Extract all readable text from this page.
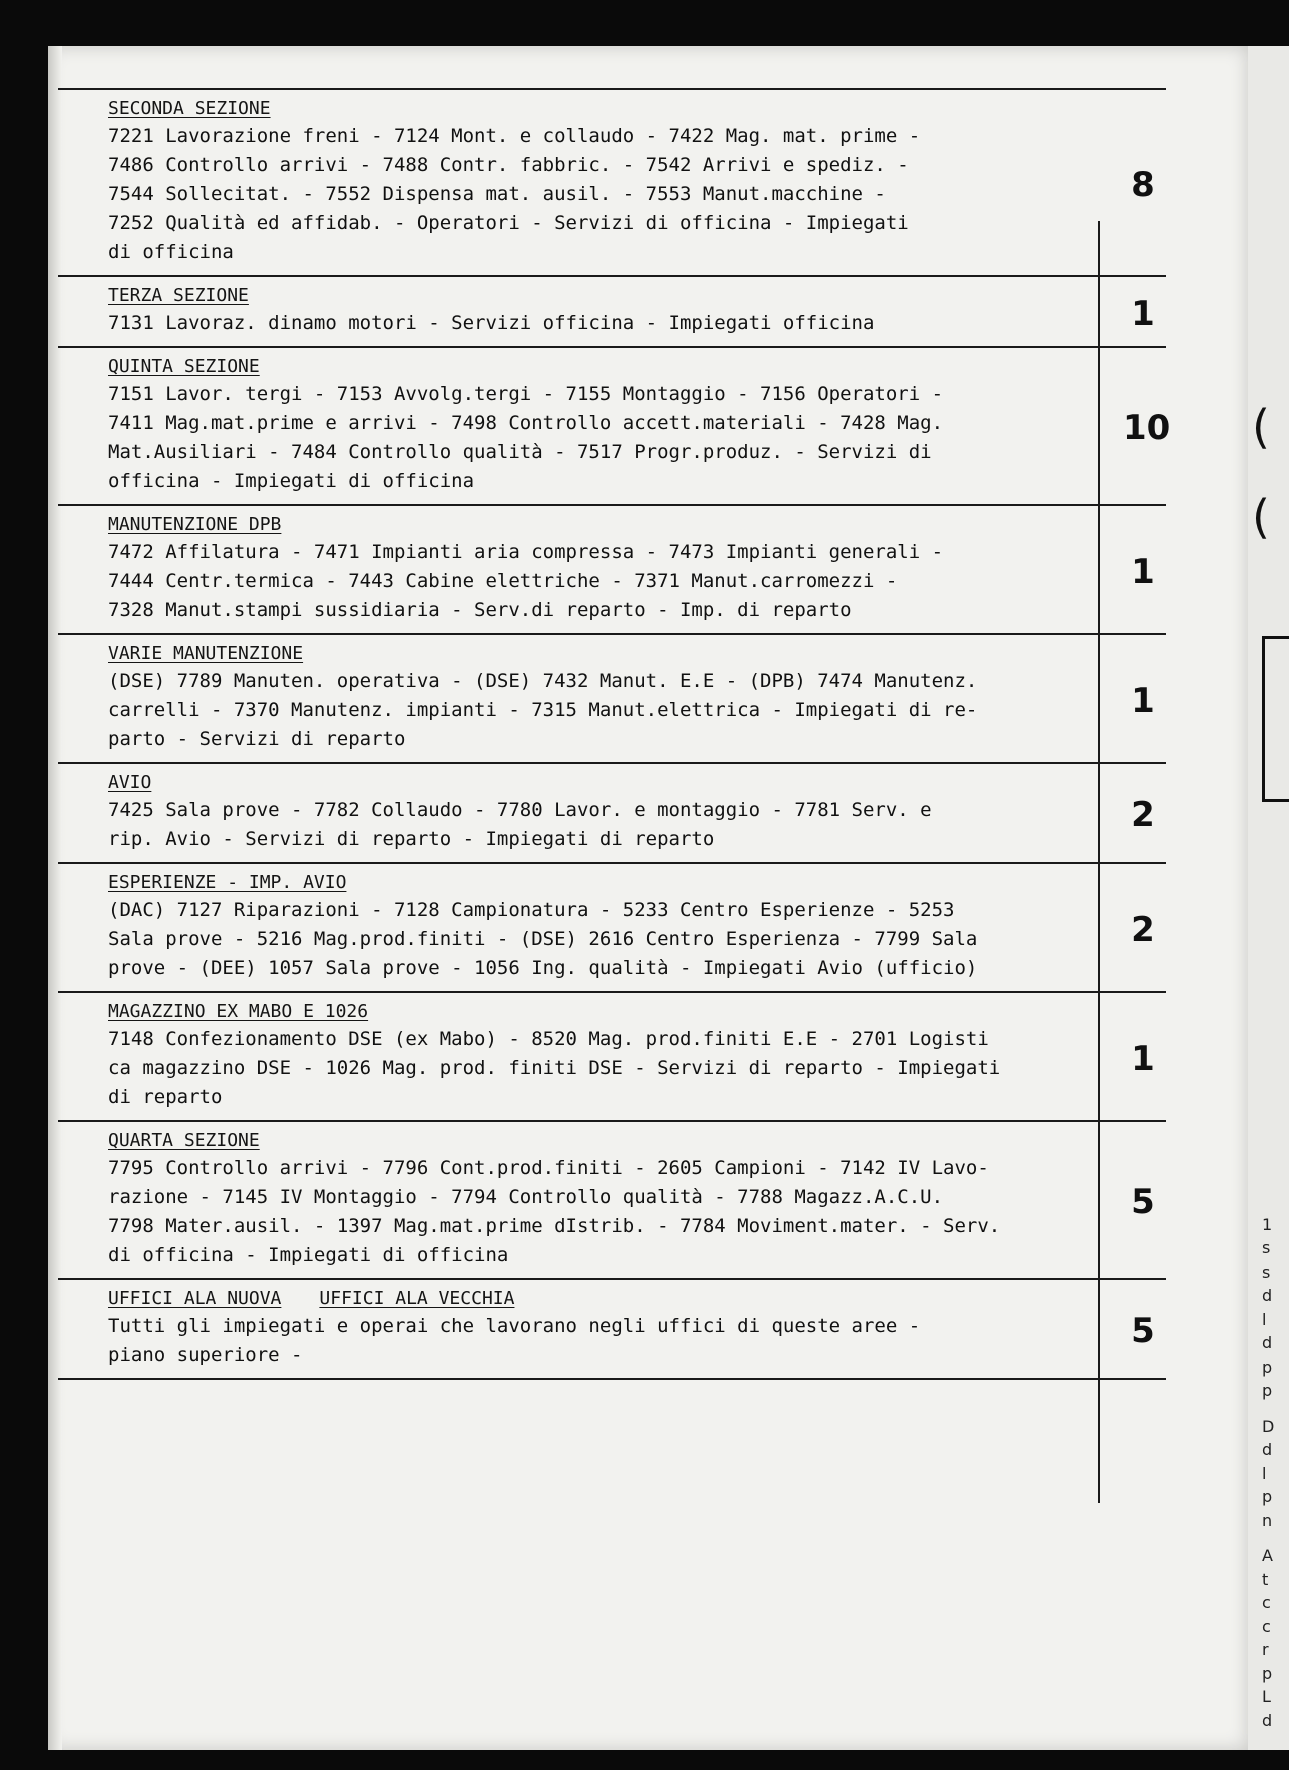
(
(
SECONDA SEZIONE
7221 Lavorazione freni - 7124 Mont. e collaudo - 7422 Mag. mat. prime -
7486 Controllo arrivi - 7488 Contr. fabbric. - 7542 Arrivi e spediz. -
7544 Sollecitat. - 7552 Dispensa mat. ausil. - 7553 Manut.macchine -
7252 Qualità ed affidab. - Operatori - Servizi di officina - Impiegati
di officina
8
TERZA SEZIONE
7131 Lavoraz. dinamo motori - Servizi officina - Impiegati officina	1
QUINTA SEZIONE
7151 Lavor. tergi - 7153 Avvolg.tergi - 7155 Montaggio - 7156 Operatori -
7411 Mag.mat.prime e arrivi - 7498 Controllo accett.materiali - 7428 Mag.
Mat.Ausiliari - 7484 Controllo qualità - 7517 Progr.produz. - Servizi di
officina - Impiegati di officina
10
MANUTENZIONE DPB
7472 Affilatura - 7471 Impianti aria compressa - 7473 Impianti generali -
7444 Centr.termica - 7443 Cabine elettriche - 7371 Manut.carromezzi -
7328 Manut.stampi sussidiaria - Serv.di reparto - Imp. di reparto
1
VARIE MANUTENZIONE
(DSE) 7789 Manuten. operativa - (DSE) 7432 Manut. E.E - (DPB) 7474 Manutenz.
carrelli - 7370 Manutenz. impianti - 7315 Manut.elettrica - Impiegati di re-
parto - Servizi di reparto
1
AVIO
7425 Sala prove - 7782 Collaudo - 7780 Lavor. e montaggio - 7781 Serv. e
rip. Avio - Servizi di reparto - Impiegati di reparto
2
ESPERIENZE - IMP. AVIO
(DAC) 7127 Riparazioni - 7128 Campionatura - 5233 Centro Esperienze - 5253
Sala prove - 5216 Mag.prod.finiti - (DSE) 2616 Centro Esperienza - 7799 Sala
prove - (DEE) 1057 Sala prove - 1056 Ing. qualità - Impiegati Avio (ufficio)
2
MAGAZZINO EX MABO E 1026
7148 Confezionamento DSE (ex Mabo) - 8520 Mag. prod.finiti E.E - 2701 Logisti
ca magazzino DSE - 1026 Mag. prod. finiti DSE - Servizi di reparto - Impiegati
di reparto
1
QUARTA SEZIONE
7795 Controllo arrivi - 7796 Cont.prod.finiti - 2605 Campioni - 7142 IV Lavo-
razione - 7145 IV Montaggio - 7794 Controllo qualità - 7788 Magazz.A.C.U.
7798 Mater.ausil. - 1397 Mag.mat.prime dIstrib. - 7784 Moviment.mater. - Serv.
di officina - Impiegati di officina
5
UFFICI ALA NUOVA UFFICI ALA VECCHIA
Tutti gli impiegati e operai che lavorano negli uffici di queste aree -
piano superiore -
5
1
s
s
d
l
d
p
p
D
d
l
p
n
A
t
c
c
r
p
L
d
